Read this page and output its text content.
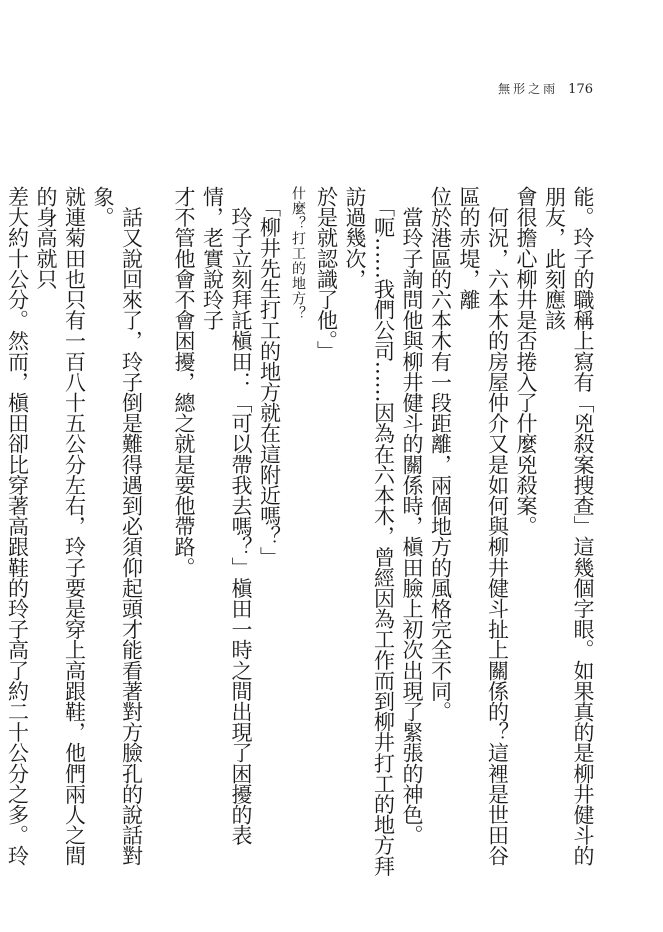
無形之雨 176

能。玲子的職稱上寫有「兇殺案搜查」這幾個字眼。如果真的是柳井健斗的朋友，此刻應該

會很擔心柳井是否捲入了什麼兇殺案。

　何況，六本木的房屋仲介又是如何與柳井健斗扯上關係的？這裡是世田谷區的赤堤，離

位於港區的六本木有一段距離，兩個地方的風格完全不同。

　當玲子詢問他與柳井健斗的關係時，槇田臉上初次出現了緊張的神色。

　「呃……我們公司……因為在六本木，曾經因為工作而到柳井打工的地方拜訪過幾次，

於是就認識了他。」

什麼？打工的地方？

　「柳井先生打工的地方就在這附近嗎？」

　玲子立刻拜託槇田：「可以帶我去嗎？」槇田一時之間出現了困擾的表情，老實說玲子

才不管他會不會困擾，總之就是要他帶路。

　話又說回來了，玲子倒是難得遇到必須仰起頭才能看著對方臉孔的說話對象。

就連菊田也只有一百八十五公分左右，玲子要是穿上高跟鞋，他們兩人之間的身高就只

差大約十公分。然而，槇田卻比穿著高跟鞋的玲子高了約二十公分之多。玲
